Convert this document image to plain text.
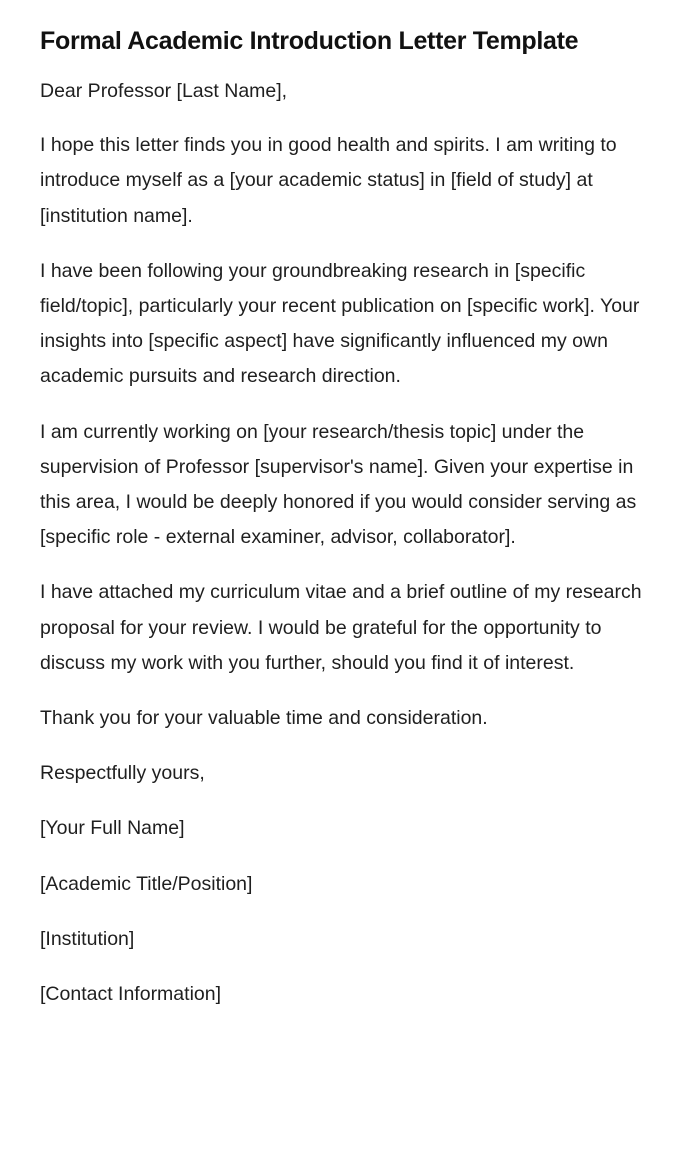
Formal Academic Introduction Letter Template

Dear Professor [Last Name],

I hope this letter finds you in good health and spirits. I am writing to introduce myself as a [your academic status] in [field of study] at [institution name].

I have been following your groundbreaking research in [specific field/topic], particularly your recent publication on [specific work]. Your insights into [specific aspect] have significantly influenced my own academic pursuits and research direction.

I am currently working on [your research/thesis topic] under the supervision of Professor [supervisor's name]. Given your expertise in this area, I would be deeply honored if you would consider serving as [specific role - external examiner, advisor, collaborator].

I have attached my curriculum vitae and a brief outline of my research proposal for your review. I would be grateful for the opportunity to discuss my work with you further, should you find it of interest.

Thank you for your valuable time and consideration.

Respectfully yours,

[Your Full Name]

[Academic Title/Position]

[Institution]

[Contact Information]
